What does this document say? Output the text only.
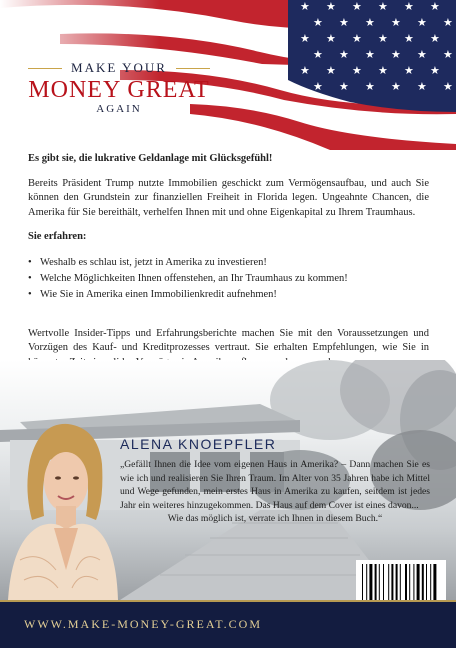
MAKE YOUR
MONEY GREAT
AGAIN

Es gibt sie, die lukrative Geldanlage mit Glücksgefühl!

Bereits Präsident Trump nutzte Immobilien geschickt zum Vermögensaufbau, und auch Sie können den Grundstein zur finanziellen Freiheit in Florida legen. Ungeahnte Chancen, die Amerika für Sie bereithält, verhelfen Ihnen mit und ohne Eigenkapital zu Ihrem Traumhaus.

Sie erfahren:

• Weshalb es schlau ist, jetzt in Amerika zu investieren!
• Welche Möglichkeiten Ihnen offenstehen, an Ihr Traumhaus zu kommen!
• Wie Sie in Amerika einen Immobilienkredit aufnehmen!

Wertvolle Insider-Tipps und Erfahrungsberichte machen Sie mit den Voraussetzungen und Vorzügen des Kauf- und Kreditprozesses vertraut. Sie erhalten Empfehlungen, wie Sie in

ALENA KNOEPFLER
„Gefällt Ihnen die Idee vom eigenen Haus in Amerika? – Dann machen Sie es wie ich und realisieren Sie Ihren Traum. Im Alter von 35 Jahren habe ich Mittel und Wege gefunden, mein erstes Haus in Amerika zu kaufen, seitdem ist jedes Jahr ein weiteres hinzugekommen. Das Haus auf dem Cover ist eines davon...
Wie das möglich ist, verrate ich Ihnen in diesem Buch.“
WWW.MAKE-MONEY-GREAT.COM
